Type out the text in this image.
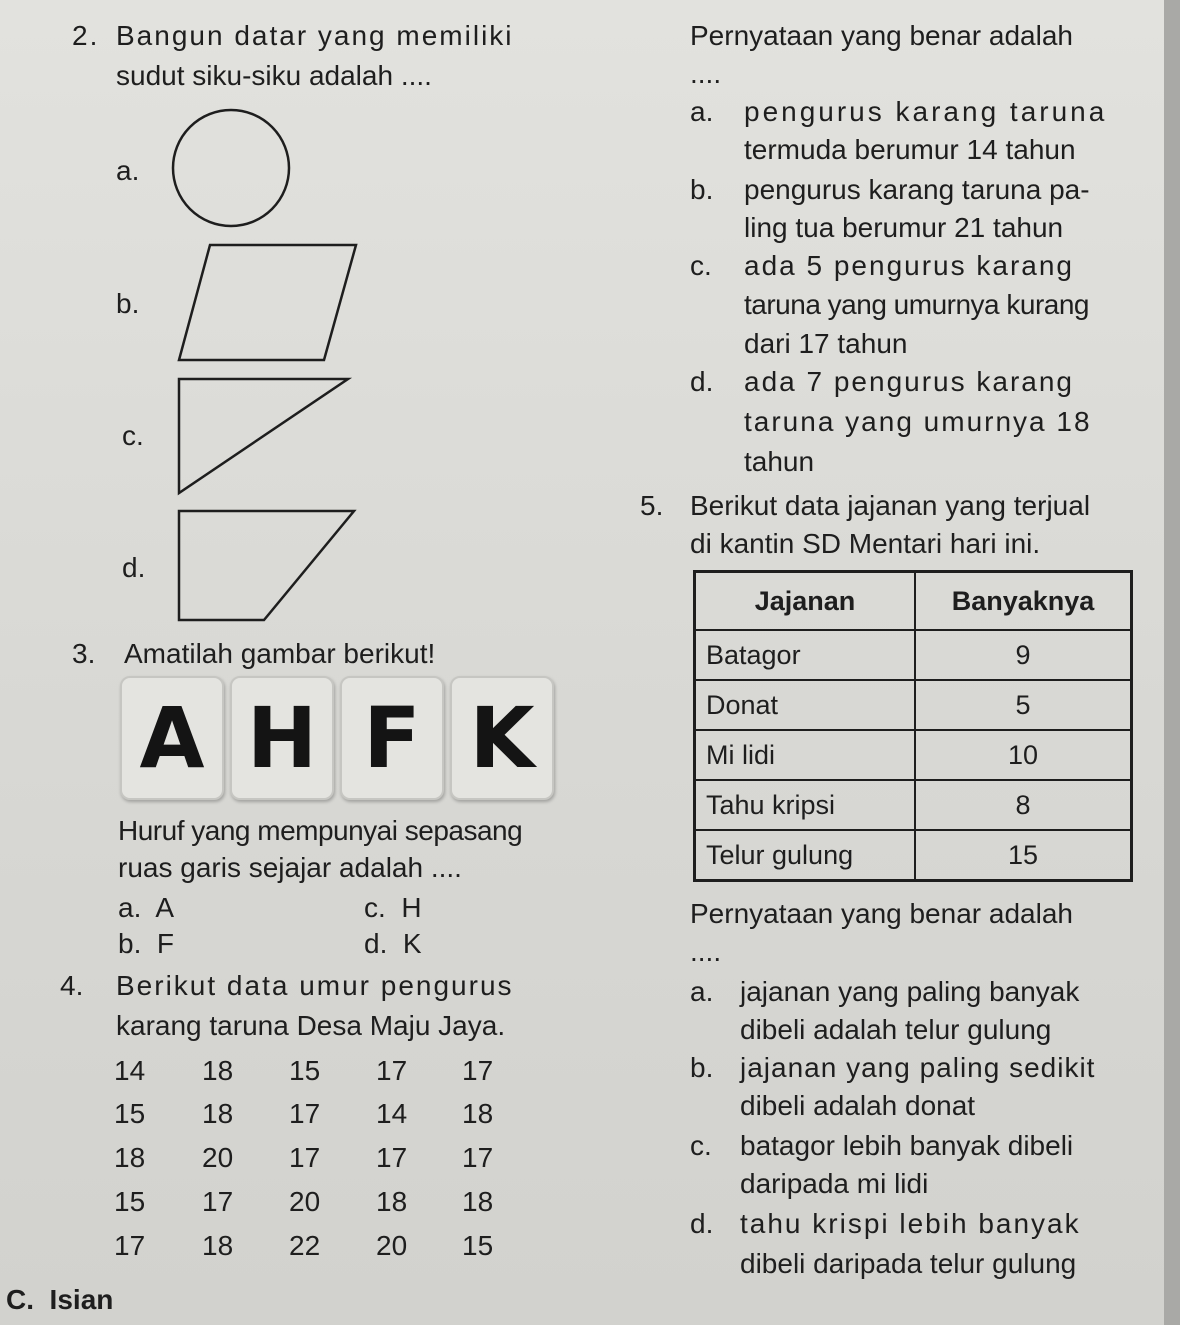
2. Bangun datar yang memiliki
sudut siku-siku adalah ....
a.
b.
c.
d.
3. Amatilah gambar berikut!
A H F K
Huruf yang mempunyai sepasang
ruas garis sejajar adalah ....
a.  A	c.  H
b.  F	d.  K
4. Berikut data umur pengurus
karang taruna Desa Maju Jaya.
14 18 15 17 17
15 18 17 14 18
18 20 17 17 17
15 17 20 18 18
17 18 22 20 15
C.  Isian
Pernyataan yang benar adalah
....
a. pengurus karang taruna
termuda berumur 14 tahun
b. pengurus karang taruna pa-
ling tua berumur 21 tahun
c. ada 5 pengurus karang
taruna yang umurnya kurang
dari 17 tahun
d. ada 7 pengurus karang
taruna yang umurnya 18
tahun
5. Berikut data jajanan yang terjual
di kantin SD Mentari hari ini.
Jajanan	Banyaknya
Batagor	9
Donat	5
Mi lidi	10
Tahu kripsi	8
Telur gulung	15
Pernyataan yang benar adalah
....
a. jajanan yang paling banyak
dibeli adalah telur gulung
b. jajanan yang paling sedikit
dibeli adalah donat
c. batagor lebih banyak dibeli
daripada mi lidi
d. tahu krispi lebih banyak
dibeli daripada telur gulung
